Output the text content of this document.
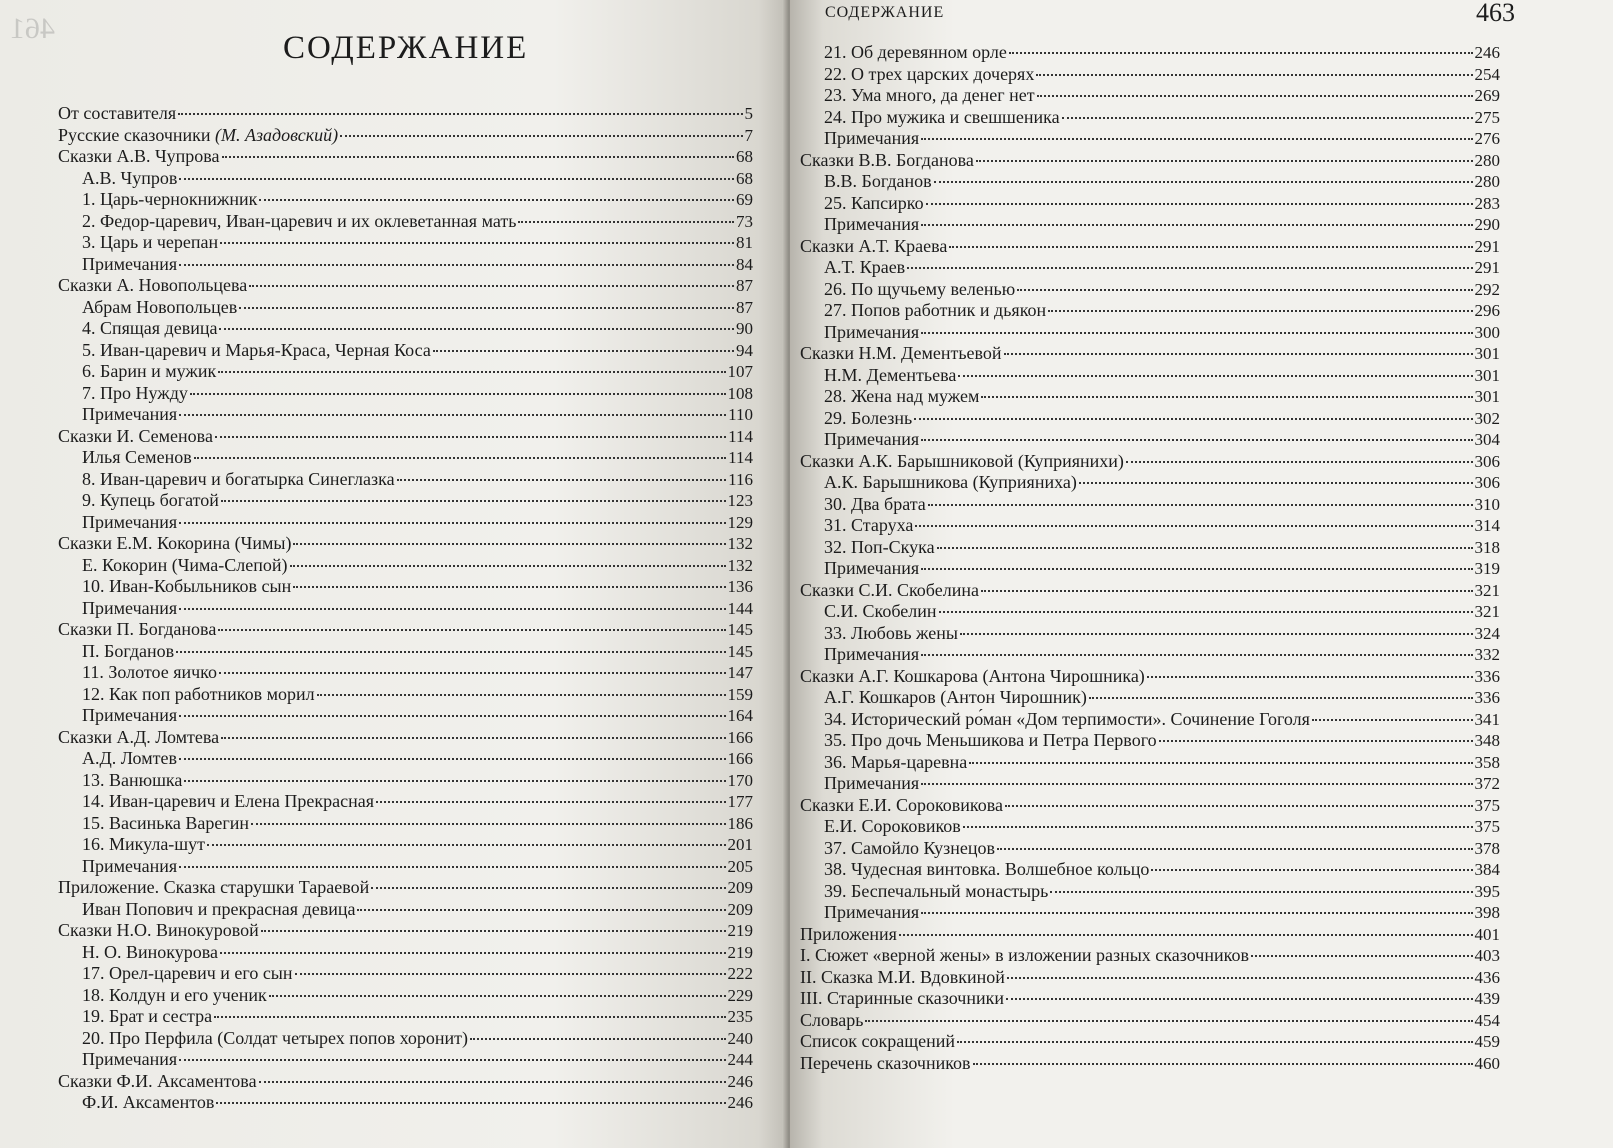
461
СОДЕРЖАНИЕ
От составителя	5
Русские сказочники (М. Азадовский)	7
Сказки А.В. Чупрова	68
А.В. Чупров	68
1. Царь-чернокнижник	69
2. Федор-царевич, Иван-царевич и их оклеветанная мать	73
3. Царь и черепан	81
Примечания	84
Сказки А. Новопольцева	87
Абрам Новопольцев	87
4. Спящая девица	90
5. Иван-царевич и Марья-Краса, Черная Коса	94
6. Барин и мужик	107
7. Про Нужду	108
Примечания	110
Сказки И. Семенова	114
Илья Семенов	114
8. Иван-царевич и богатырка Синеглазка	116
9. Купець богатой	123
Примечания	129
Сказки Е.М. Кокорина (Чимы)	132
Е. Кокорин (Чима-Слепой)	132
10. Иван-Кобыльников сын	136
Примечания	144
Сказки П. Богданова	145
П. Богданов	145
11. Золотое яичко	147
12. Как поп работников морил	159
Примечания	164
Сказки А.Д. Ломтева	166
А.Д. Ломтев	166
13. Ванюшка	170
14. Иван-царевич и Елена Прекрасная	177
15. Васинька Варегин	186
16. Микула-шут	201
Примечания	205
Приложение. Сказка старушки Тараевой	209
Иван Попович и прекрасная девица	209
Сказки Н.О. Винокуровой	219
Н. О. Винокурова	219
17. Орел-царевич и его сын	222
18. Колдун и его ученик	229
19. Брат и сестра	235
20. Про Перфила (Солдат четырех попов хоронит)	240
Примечания	244
Сказки Ф.И. Аксаментова	246
Ф.И. Аксаментов	246
СОДЕРЖАНИЕ	463
21. Об деревянном орле	246
22. О трех царских дочерях	254
23. Ума много, да денег нет	269
24. Про мужика и свешшеника	275
Примечания	276
Сказки В.В. Богданова	280
В.В. Богданов	280
25. Капсирко	283
Примечания	290
Сказки А.Т. Краева	291
А.Т. Краев	291
26. По щучьему веленью	292
27. Попов работник и дьякон	296
Примечания	300
Сказки Н.М. Дементьевой	301
Н.М. Дементьева	301
28. Жена над мужем	301
29. Болезнь	302
Примечания	304
Сказки А.К. Барышниковой (Куприянихи)	306
А.К. Барышникова (Куприяниха)	306
30. Два брата	310
31. Старуха	314
32. Поп-Скука	318
Примечания	319
Сказки С.И. Скобелина	321
С.И. Скобелин	321
33. Любовь жены	324
Примечания	332
Сказки А.Г. Кошкарова (Антона Чирошника)	336
А.Г. Кошкаров (Антон Чирошник)	336
34. Исторический ро́ман «Дом терпимости». Сочинение Гоголя	341
35. Про дочь Меньшикова и Петра Первого	348
36. Марья-царевна	358
Примечания	372
Сказки Е.И. Сороковикова	375
Е.И. Сороковиков	375
37. Самойло Кузнецов	378
38. Чудесная винтовка. Волшебное кольцо	384
39. Беспечальный монастырь	395
Примечания	398
Приложения	401
I. Сюжет «верной жены» в изложении разных сказочников	403
II. Сказка М.И. Вдовкиной	436
III. Старинные сказочники	439
Словарь	454
Список сокращений	459
Перечень сказочников	460
